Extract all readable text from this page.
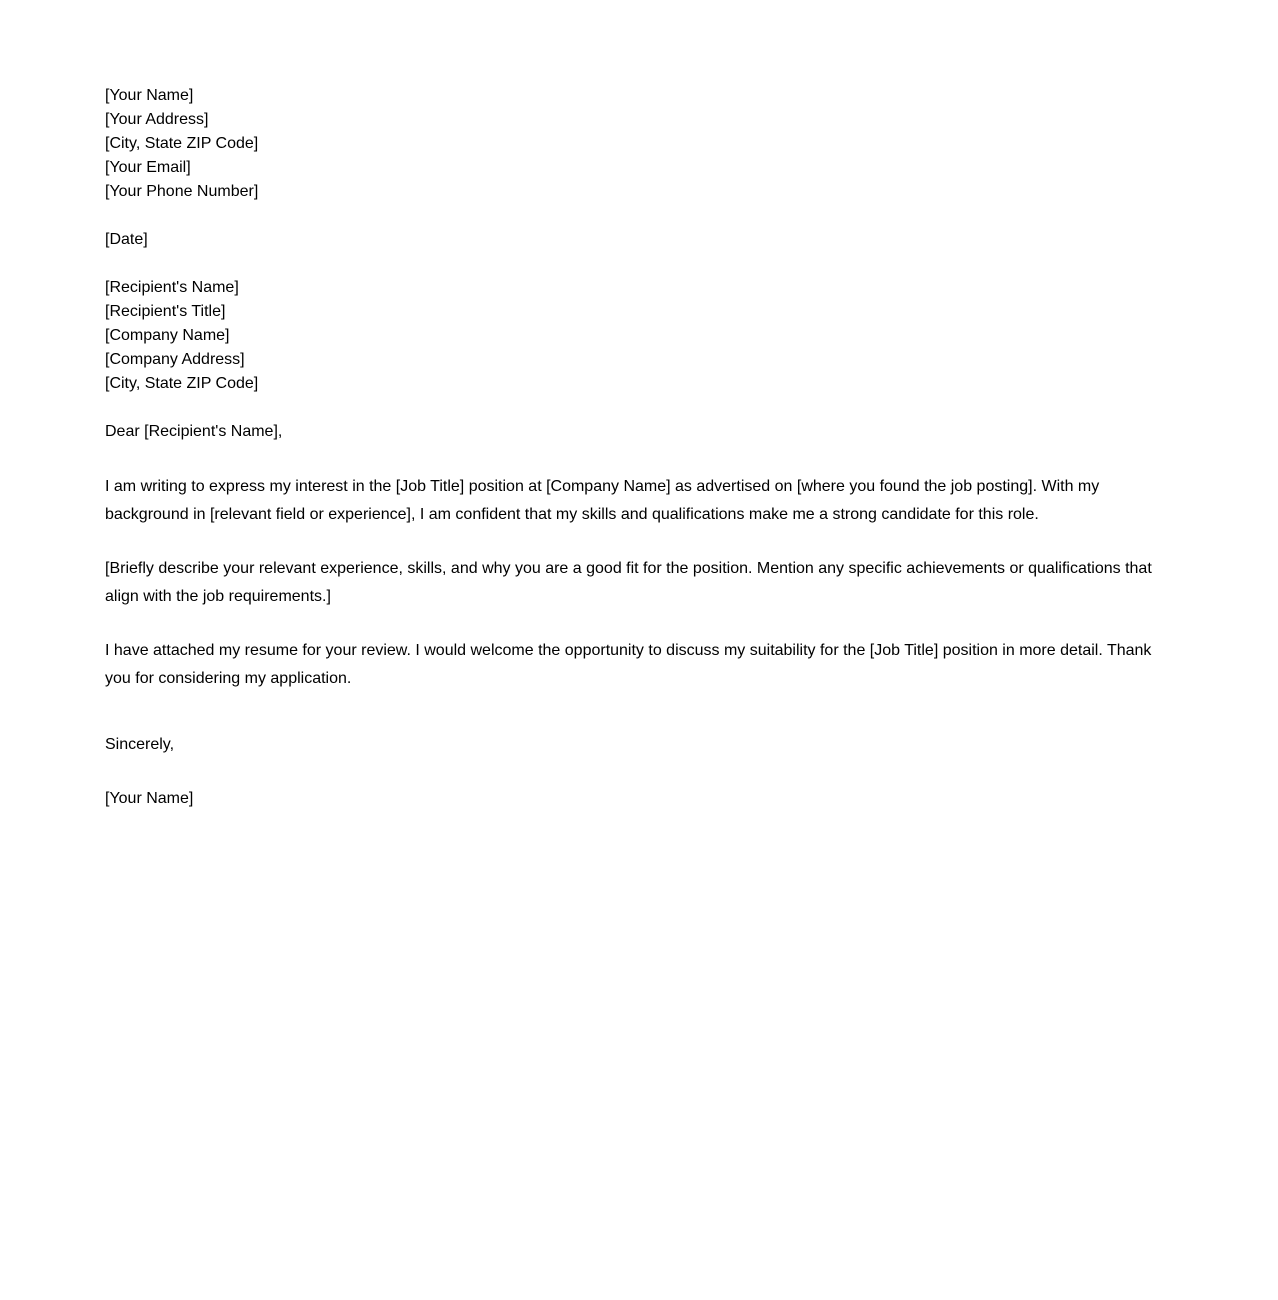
[Your Name]
[Your Address]
[City, State ZIP Code]
[Your Email]
[Your Phone Number]
[Date]
[Recipient's Name]
[Recipient's Title]
[Company Name]
[Company Address]
[City, State ZIP Code]
Dear [Recipient's Name],
I am writing to express my interest in the [Job Title] position at [Company Name] as advertised on [where you found the job posting]. With my background in [relevant field or experience], I am confident that my skills and qualifications make me a strong candidate for this role.
[Briefly describe your relevant experience, skills, and why you are a good fit for the position. Mention any specific achievements or qualifications that align with the job requirements.]
I have attached my resume for your review. I would welcome the opportunity to discuss my suitability for the [Job Title] position in more detail. Thank you for considering my application.
Sincerely,
[Your Name]
